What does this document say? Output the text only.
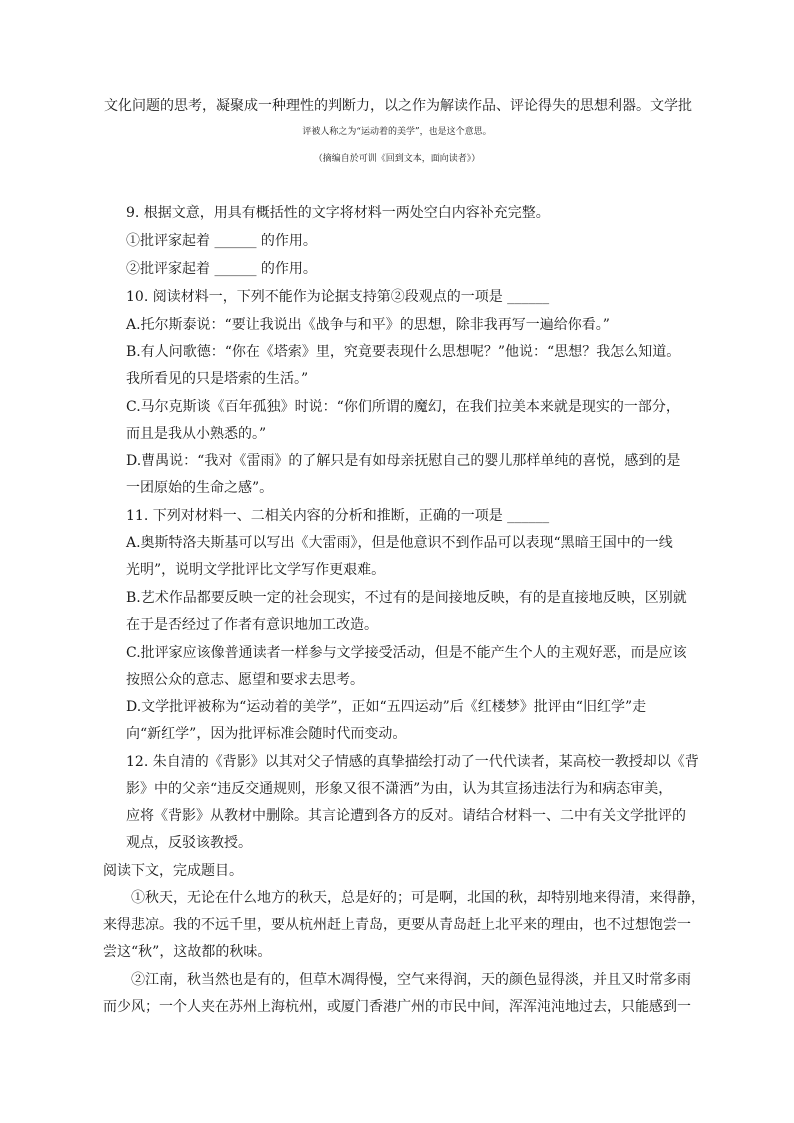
文化问题的思考，凝聚成一种理性的判断力，以之作为解读作品、评论得失的思想利器。文学批
评被人称之为“运动着的美学”，也是这个意思。
（摘编自於可训《回到文本，面向读者》）
9. 根据文意，用具有概括性的文字将材料一两处空白内容补充完整。
①批评家起着 ______ 的作用。
②批评家起着 ______ 的作用。
10. 阅读材料一，下列不能作为论据支持第②段观点的一项是 ______
A.托尔斯泰说：“要让我说出《战争与和平》的思想，除非我再写一遍给你看。”
B.有人问歌德：“你在《塔索》里，究竟要表现什么思想呢？”他说：“思想？我怎么知道。
我所看见的只是塔索的生活。”
C.马尔克斯谈《百年孤独》时说：“你们所谓的魔幻，在我们拉美本来就是现实的一部分，
而且是我从小熟悉的。”
D.曹禺说：“我对《雷雨》的了解只是有如母亲抚慰自己的婴儿那样单纯的喜悦，感到的是
一团原始的生命之感”。
11. 下列对材料一、二相关内容的分析和推断，正确的一项是 ______
A.奥斯特洛夫斯基可以写出《大雷雨》，但是他意识不到作品可以表现“黑暗王国中的一线
光明”，说明文学批评比文学写作更艰难。
B.艺术作品都要反映一定的社会现实，不过有的是间接地反映，有的是直接地反映，区别就
在于是否经过了作者有意识地加工改造。
C.批评家应该像普通读者一样参与文学接受活动，但是不能产生个人的主观好恶，而是应该
按照公众的意志、愿望和要求去思考。
D.文学批评被称为“运动着的美学”，正如“五四运动”后《红楼梦》批评由“旧红学”走
向“新红学”，因为批评标准会随时代而变动。
12. 朱自清的《背影》以其对父子情感的真挚描绘打动了一代代读者，某高校一教授却以《背
影》中的父亲“违反交通规则，形象又很不潇洒”为由，认为其宣扬违法行为和病态审美，
应将《背影》从教材中删除。其言论遭到各方的反对。请结合材料一、二中有关文学批评的
观点，反驳该教授。
阅读下文，完成题目。
①秋天，无论在什么地方的秋天，总是好的；可是啊，北国的秋，却特别地来得清，来得静，
来得悲凉。我的不远千里，要从杭州赶上青岛，更要从青岛赶上北平来的理由，也不过想饱尝一
尝这“秋”，这故都的秋味。
②江南，秋当然也是有的，但草木凋得慢，空气来得润，天的颜色显得淡，并且又时常多雨
而少风；一个人夹在苏州上海杭州，或厦门香港广州的市民中间，浑浑沌沌地过去，只能感到一
